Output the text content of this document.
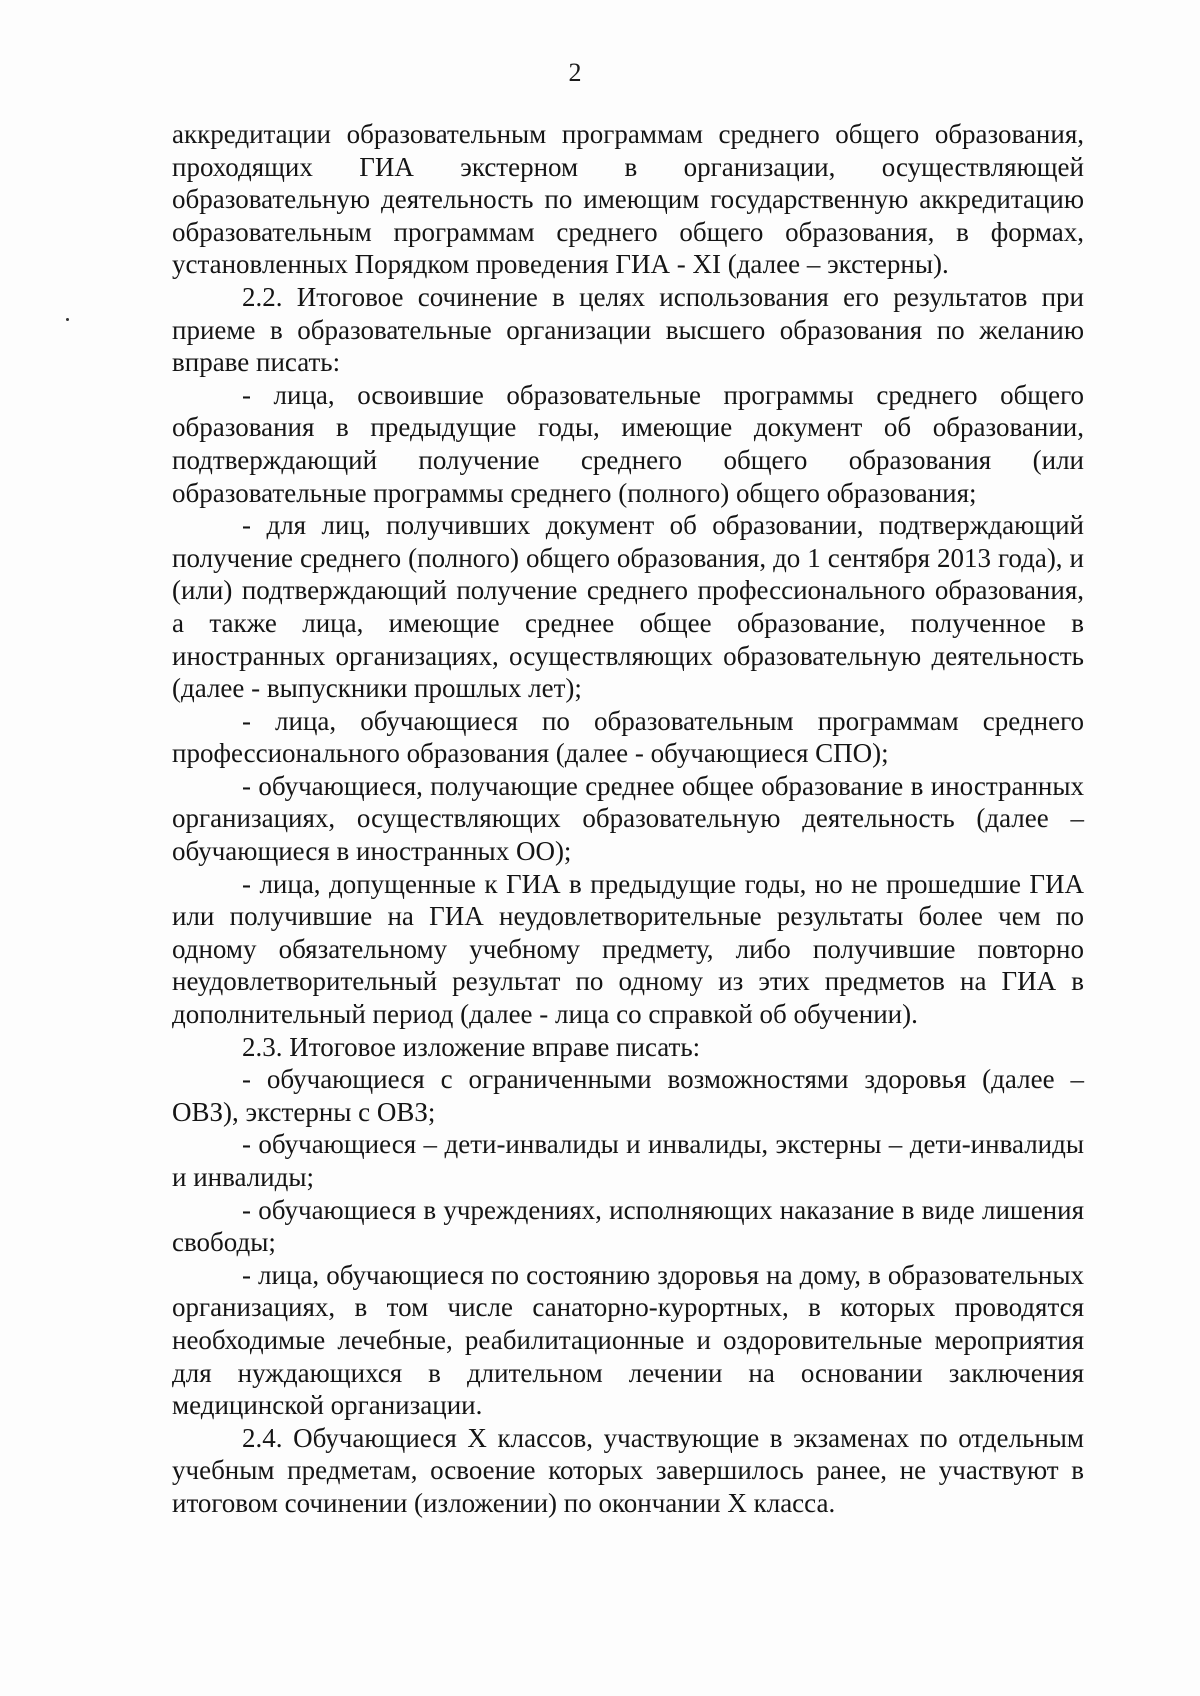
2

аккредитации образовательным программам среднего общего образования, проходящих ГИА экстерном в организации, осуществляющей образовательную деятельность по имеющим государственную аккредитацию образовательным программам среднего общего образования, в формах, установленных Порядком проведения ГИА - XI (далее – экстерны).

2.2. Итоговое сочинение в целях использования его результатов при приеме в образовательные организации высшего образования по желанию вправе писать:

- лица, освоившие образовательные программы среднего общего образования в предыдущие годы, имеющие документ об образовании, подтверждающий получение среднего общего образования (или образовательные программы среднего (полного) общего образования;

- для лиц, получивших документ об образовании, подтверждающий получение среднего (полного) общего образования, до 1 сентября 2013 года), и (или) подтверждающий получение среднего профессионального образования, а также лица, имеющие среднее общее образование, полученное в иностранных организациях, осуществляющих образовательную деятельность (далее - выпускники прошлых лет);

- лица, обучающиеся по образовательным программам среднего профессионального образования (далее - обучающиеся СПО);

- обучающиеся, получающие среднее общее образование в иностранных организациях, осуществляющих образовательную деятельность (далее – обучающиеся в иностранных ОО);

- лица, допущенные к ГИА в предыдущие годы, но не прошедшие ГИА или получившие на ГИА неудовлетворительные результаты более чем по одному обязательному учебному предмету, либо получившие повторно неудовлетворительный результат по одному из этих предметов на ГИА в дополнительный период (далее - лица со справкой об обучении).

2.3. Итоговое изложение вправе писать:

- обучающиеся с ограниченными возможностями здоровья (далее – ОВЗ), экстерны с ОВЗ;

- обучающиеся – дети-инвалиды и инвалиды, экстерны – дети-инвалиды и инвалиды;

- обучающиеся в учреждениях, исполняющих наказание в виде лишения свободы;

- лица, обучающиеся по состоянию здоровья на дому, в образовательных организациях, в том числе санаторно-курортных, в которых проводятся необходимые лечебные, реабилитационные и оздоровительные мероприятия для нуждающихся в длительном лечении на основании заключения медицинской организации.

2.4. Обучающиеся X классов, участвующие в экзаменах по отдельным учебным предметам, освоение которых завершилось ранее, не участвуют в итоговом сочинении (изложении) по окончании X класса.
